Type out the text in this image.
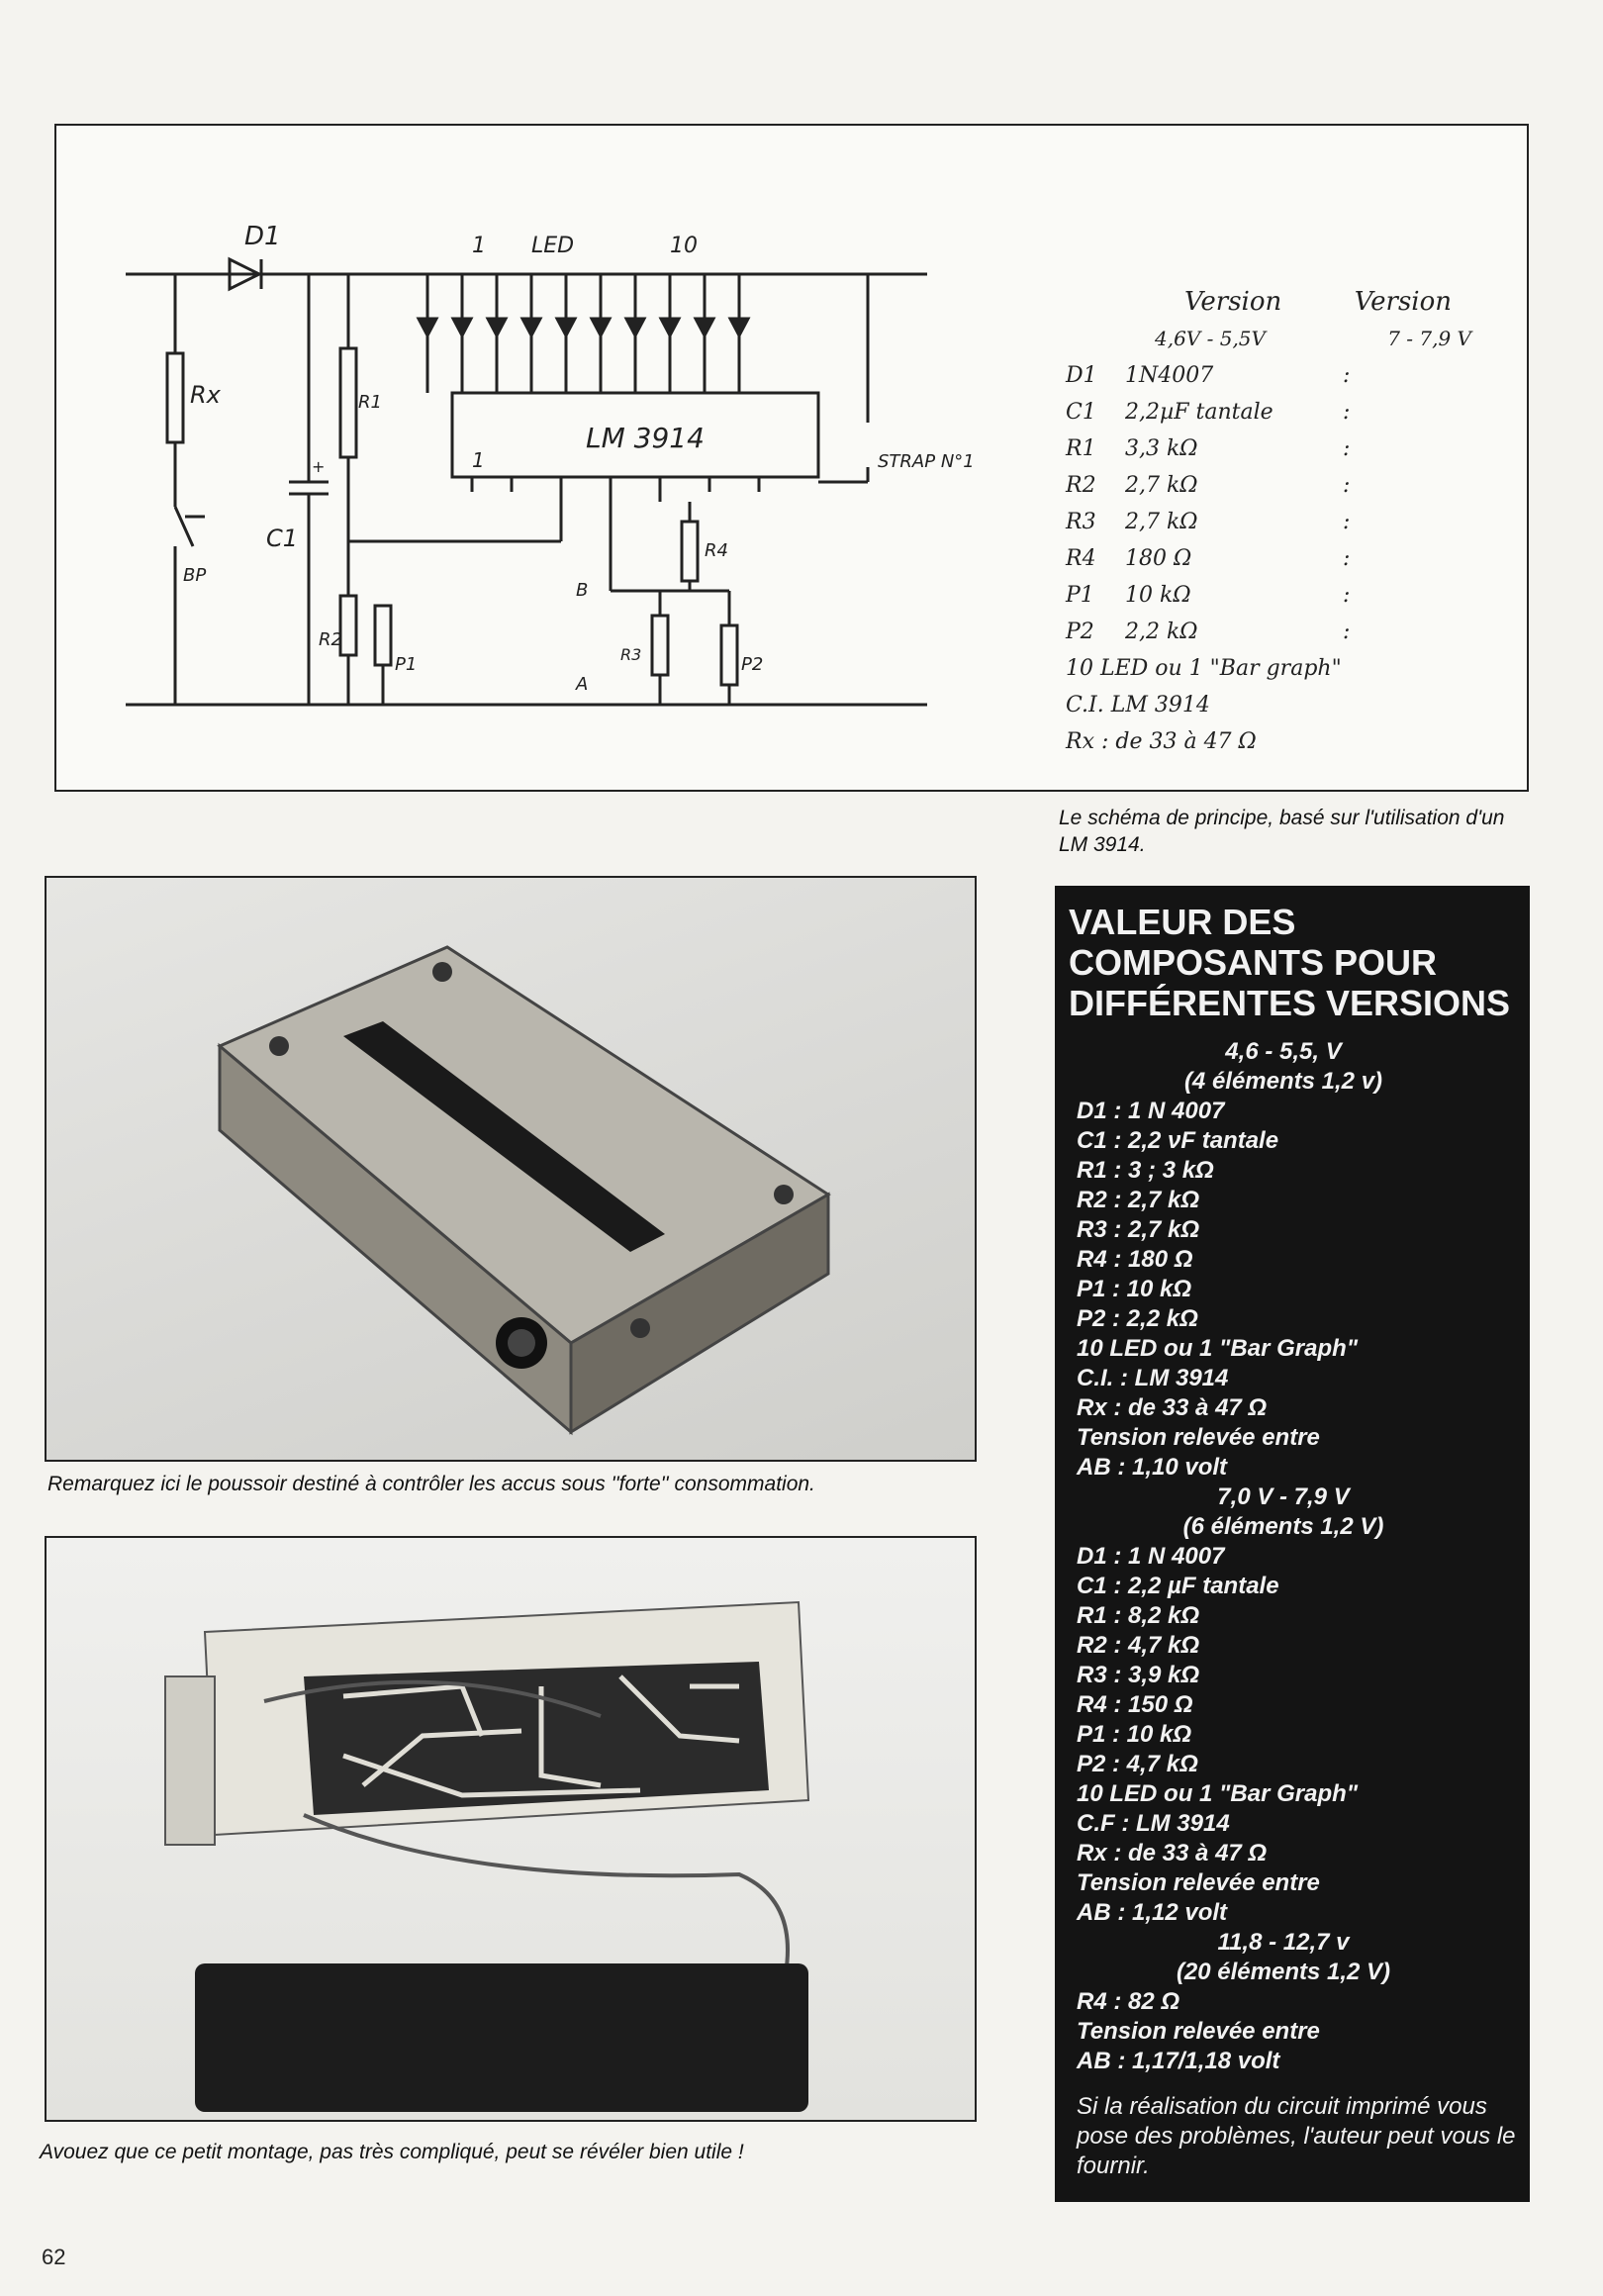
D1	LED
1	10
Rx	R1
C1
+
BP
LM 3914
1
R4
R2
P1	R3	P2
STRAP N°1
B
A
Version	Version
4,6V - 5,5V	7 - 7,9 V
D1	1N4007	:
C1	2,2µF tantale	:
R1	3,3 kΩ	:
R2	2,7 kΩ	:
R3	2,7 kΩ	:
R4	180 Ω	:
P1	10 kΩ	:
P2	2,2 kΩ	:
10 LED ou 1 "Bar graph"
C.I. LM 3914
Rx : de 33 à 47 Ω
Le schéma de principe, basé sur l'utilisation d'un LM 3914.
Remarquez ici le poussoir destiné à contrôler les accus sous ''forte'' consommation.
Avouez que ce petit montage, pas très compliqué, peut se révéler bien utile !
VALEUR DES COMPOSANTS POUR DIFFÉRENTES VERSIONS
4,6 - 5,5, V
(4 éléments 1,2 v)
D1 : 1 N 4007
C1 : 2,2 νF tantale
R1 : 3 ; 3 kΩ
R2 : 2,7 kΩ
R3 : 2,7 kΩ
R4 : 180 Ω
P1 : 10 kΩ
P2 : 2,2 kΩ
10 LED ou 1 "Bar Graph"
C.I. : LM 3914
Rx : de 33 à 47 Ω
Tension relevée entre
AB : 1,10 volt
7,0 V - 7,9 V
(6 éléments 1,2 V)
D1 : 1 N 4007
C1 : 2,2 µF tantale
R1 : 8,2 kΩ
R2 : 4,7 kΩ
R3 : 3,9 kΩ
R4 : 150 Ω
P1 : 10 kΩ
P2 : 4,7 kΩ
10 LED ou 1 "Bar Graph"
C.F : LM 3914
Rx : de 33 à 47 Ω
Tension relevée entre
AB : 1,12 volt
11,8 - 12,7 v
(20 éléments 1,2 V)
R4 : 82 Ω
Tension relevée entre
AB : 1,17/1,18 volt
Si la réalisation du circuit imprimé vous pose des problèmes, l'auteur peut vous le fournir.
62
